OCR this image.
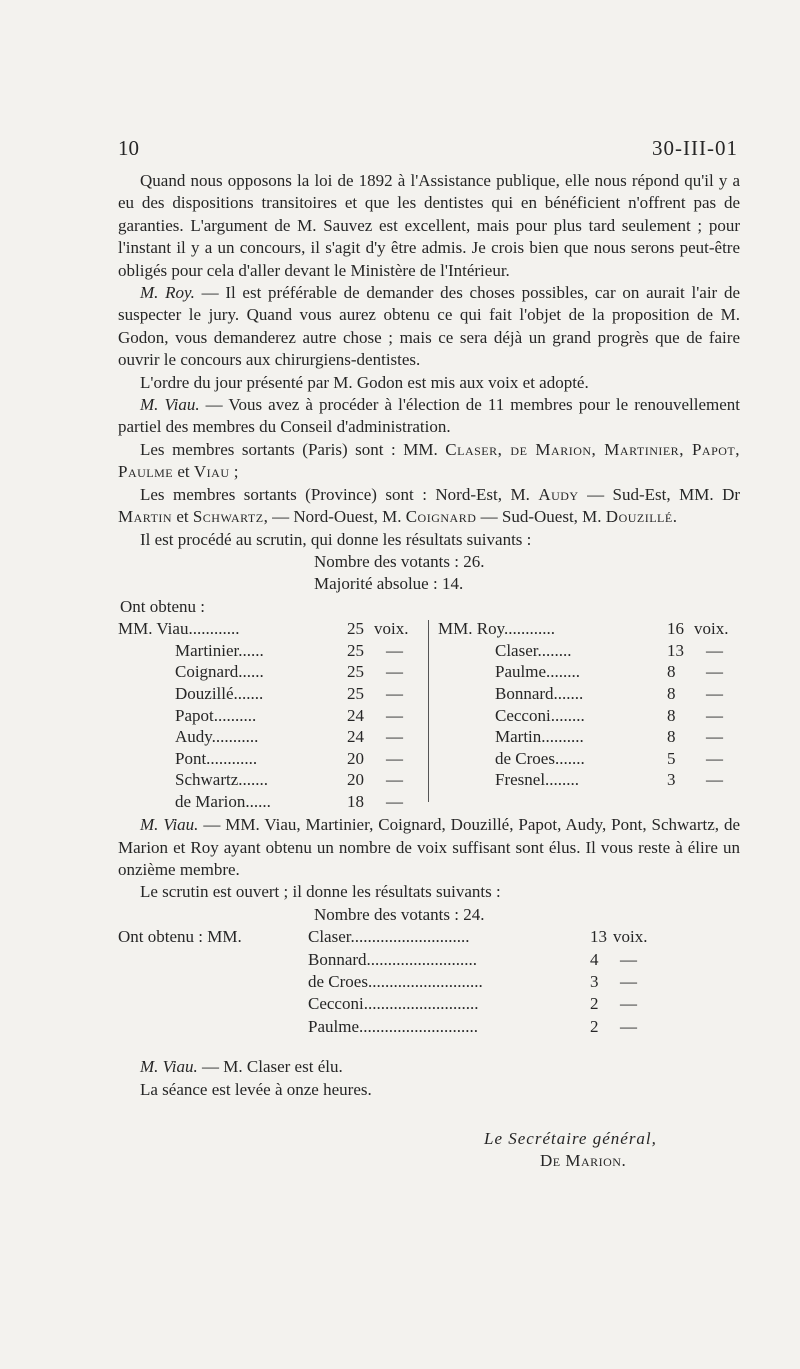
10	30-III-01

Quand nous opposons la loi de 1892 à l'Assistance publique, elle nous répond qu'il y a eu des dispositions transitoires et que les dentistes qui en bénéficient n'offrent pas de garanties. L'argument de M. Sauvez est excellent, mais pour plus tard seulement ; pour l'instant il y a un concours, il s'agit d'y être admis. Je crois bien que nous serons peut-être obligés pour cela d'aller devant le Ministère de l'Intérieur.

M. Roy. — Il est préférable de demander des choses possibles, car on aurait l'air de suspecter le jury. Quand vous aurez obtenu ce qui fait l'objet de la proposition de M. Godon, vous demanderez autre chose ; mais ce sera déjà un grand progrès que de faire ouvrir le concours aux chirurgiens-dentistes.

L'ordre du jour présenté par M. Godon est mis aux voix et adopté.

M. Viau. — Vous avez à procéder à l'élection de 11 membres pour le renouvellement partiel des membres du Conseil d'administration.

Les membres sortants (Paris) sont : MM. Claser, de Marion, Martinier, Papot, Paulme et Viau ;

Les membres sortants (Province) sont : Nord-Est, M. Audy — Sud-Est, MM. Dr Martin et Schwartz, — Nord-Ouest, M. Coignard — Sud-Ouest, M. Douzillé.

Il est procédé au scrutin, qui donne les résultats suivants :

Nombre des votants : 26.

Majorité absolue : 14.

Ont obtenu :

MM. Viau............	25 voix.
Martinier......	25 —
Coignard......	25 —
Douzillé.......	25 —
Papot..........	24 —
Audy...........	24 —
Pont............	20 —
Schwartz.......	20 —
de Marion......	18 —
MM. Roy............	16 voix.
Claser........	13 —
Paulme........	8 —
Bonnard.......	8 —
Cecconi........	8 —
Martin..........	8 —
de Croes.......	5 —
Fresnel........	3 —

M. Viau. — MM. Viau, Martinier, Coignard, Douzillé, Papot, Audy, Pont, Schwartz, de Marion et Roy ayant obtenu un nombre de voix suffisant sont élus. Il vous reste à élire un onzième membre.

Le scrutin est ouvert ; il donne les résultats suivants :

Nombre des votants : 24.

Ont obtenu : MM.	Claser............................	13 voix.
Bonnard..........................	4 —
de Croes...........................	3 —
Cecconi...........................	2 —
Paulme............................	2 —

M. Viau. — M. Claser est élu.

La séance est levée à onze heures.

Le Secrétaire général,
De Marion.
